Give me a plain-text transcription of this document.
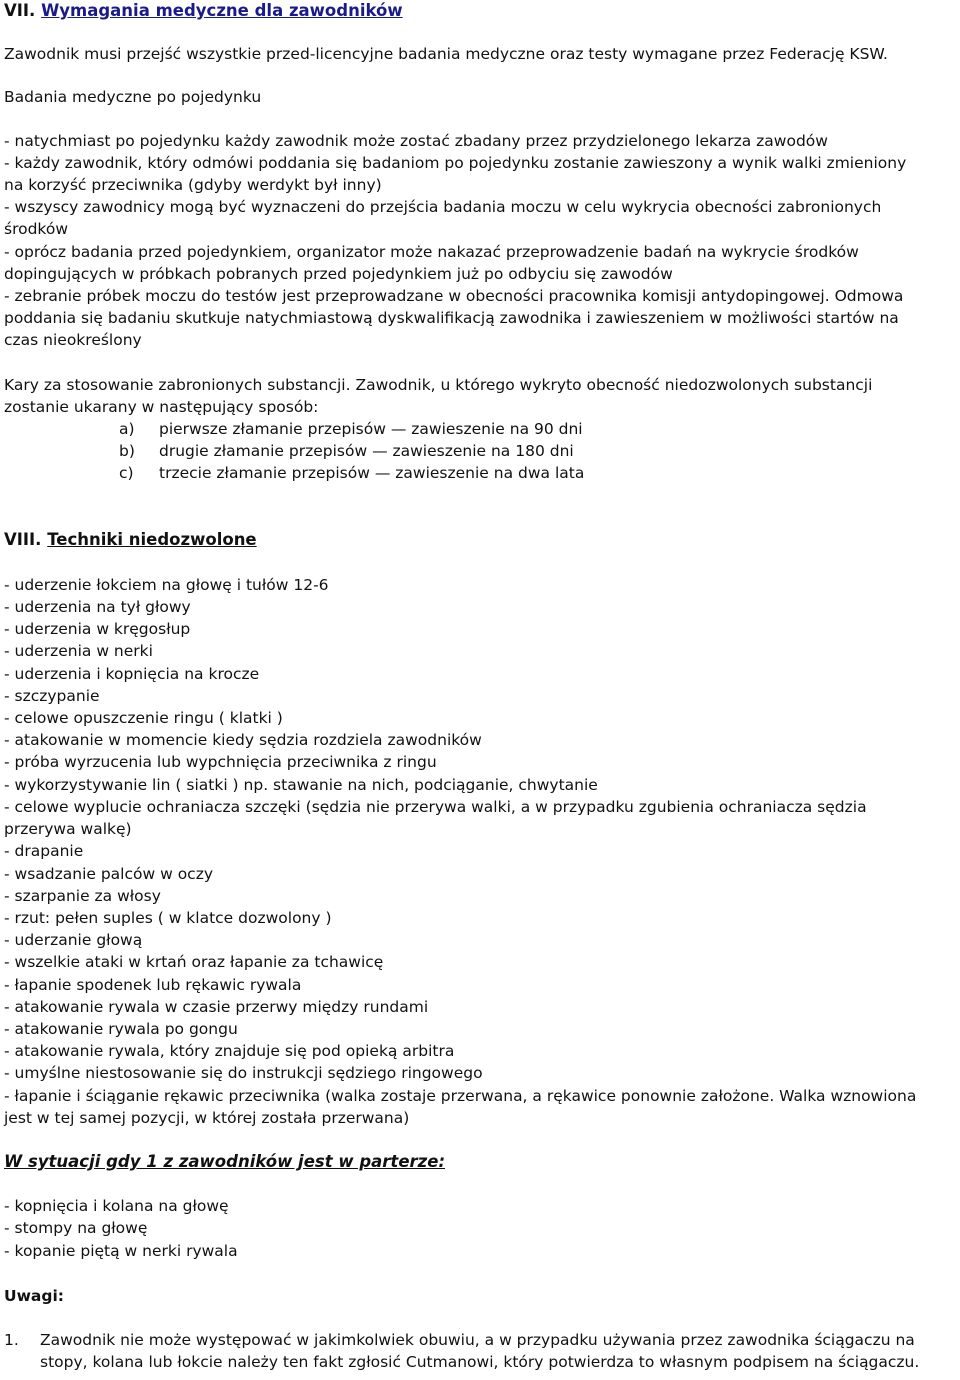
VII. Wymagania medyczne dla zawodników
Zawodnik musi przejść wszystkie przed-licencyjne badania medyczne oraz testy wymagane przez Federację KSW.
Badania medyczne po pojedynku
- natychmiast po pojedynku każdy zawodnik może zostać zbadany przez przydzielonego lekarza zawodów
- każdy zawodnik, który odmówi poddania się badaniom po pojedynku zostanie zawieszony a wynik walki zmieniony
na korzyść przeciwnika (gdyby werdykt był inny)
- wszyscy zawodnicy mogą być wyznaczeni do przejścia badania moczu w celu wykrycia obecności zabronionych
środków
- oprócz badania przed pojedynkiem, organizator może nakazać przeprowadzenie badań na wykrycie środków
dopingujących w próbkach pobranych przed pojedynkiem już po odbyciu się zawodów
- zebranie próbek moczu do testów jest przeprowadzane w obecności pracownika komisji antydopingowej. Odmowa
poddania się badaniu skutkuje natychmiastową dyskwalifikacją zawodnika i zawieszeniem w możliwości startów na
czas nieokreślony
Kary za stosowanie zabronionych substancji. Zawodnik, u którego wykryto obecność niedozwolonych substancji
zostanie ukarany w następujący sposób:
a)	pierwsze złamanie przepisów — zawieszenie na 90 dni
b)	drugie złamanie przepisów — zawieszenie na 180 dni
c)	trzecie złamanie przepisów — zawieszenie na dwa lata
VIII. Techniki niedozwolone
- uderzenie łokciem na głowę i tułów 12-6
- uderzenia na tył głowy
- uderzenia w kręgosłup
- uderzenia w nerki
- uderzenia i kopnięcia na krocze
- szczypanie
- celowe opuszczenie ringu ( klatki )
- atakowanie w momencie kiedy sędzia rozdziela zawodników
- próba wyrzucenia lub wypchnięcia przeciwnika z ringu
- wykorzystywanie lin ( siatki ) np. stawanie na nich, podciąganie, chwytanie
- celowe wyplucie ochraniacza szczęki (sędzia nie przerywa walki, a w przypadku zgubienia ochraniacza sędzia
przerywa walkę)
- drapanie
- wsadzanie palców w oczy
- szarpanie za włosy
- rzut: pełen suples ( w klatce dozwolony )
- uderzanie głową
- wszelkie ataki w krtań oraz łapanie za tchawicę
- łapanie spodenek lub rękawic rywala
- atakowanie rywala w czasie przerwy między rundami
- atakowanie rywala po gongu
- atakowanie rywala, który znajduje się pod opieką arbitra
- umyślne niestosowanie się do instrukcji sędziego ringowego
- łapanie i ściąganie rękawic przeciwnika (walka zostaje przerwana, a rękawice ponownie założone. Walka wznowiona
jest w tej samej pozycji, w której została przerwana)
W sytuacji gdy 1 z zawodników jest w parterze:
- kopnięcia i kolana na głowę
- stompy na głowę
- kopanie piętą w nerki rywala
Uwagi:
1.	Zawodnik nie może występować w jakimkolwiek obuwiu, a w przypadku używania przez zawodnika ściągaczu na
stopy, kolana lub łokcie należy ten fakt zgłosić Cutmanowi, który potwierdza to własnym podpisem na ściągaczu.
